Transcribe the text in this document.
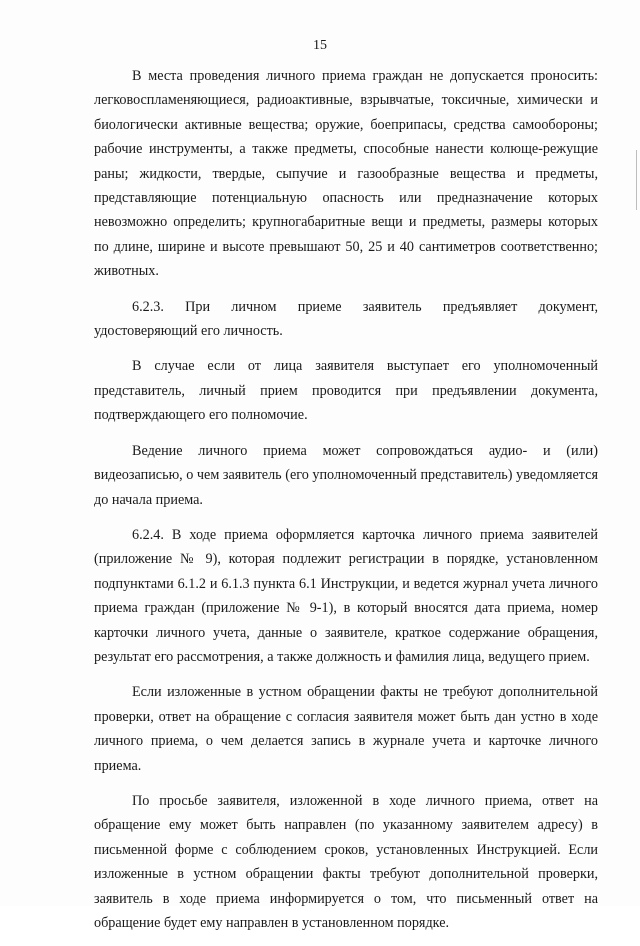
15

В места проведения личного приема граждан не допускается проносить: легковоспламеняющиеся, радиоактивные, взрывчатые, токсичные, химически и биологически активные вещества; оружие, боеприпасы, средства самообороны; рабочие инструменты, а также предметы, способные нанести колюще-режущие раны; жидкости, твердые, сыпучие и газообразные вещества и предметы, представляющие потенциальную опасность или предназначение которых невозможно определить; крупногабаритные вещи и предметы, размеры которых по длине, ширине и высоте превышают 50, 25 и 40 сантиметров соответственно; животных.

6.2.3. При личном приеме заявитель предъявляет документ, удостоверяющий его личность.

В случае если от лица заявителя выступает его уполномоченный представитель, личный прием проводится при предъявлении документа, подтверждающего его полномочие.

Ведение личного приема может сопровождаться аудио- и (или) видеозаписью, о чем заявитель (его уполномоченный представитель) уведомляется до начала приема.

6.2.4. В ходе приема оформляется карточка личного приема заявителей (приложение № 9), которая подлежит регистрации в порядке, установленном подпунктами 6.1.2 и 6.1.3 пункта 6.1 Инструкции, и ведется журнал учета личного приема граждан (приложение № 9-1), в который вносятся дата приема, номер карточки личного учета, данные о заявителе, краткое содержание обращения, результат его рассмотрения, а также должность и фамилия лица, ведущего прием.

Если изложенные в устном обращении факты не требуют дополнительной проверки, ответ на обращение с согласия заявителя может быть дан устно в ходе личного приема, о чем делается запись в журнале учета и карточке личного приема.

По просьбе заявителя, изложенной в ходе личного приема, ответ на обращение ему может быть направлен (по указанному заявителем адресу) в письменной форме с соблюдением сроков, установленных Инструкцией. Если изложенные в устном обращении факты требуют дополнительной проверки, заявитель в ходе приема информируется о том, что письменный ответ на обращение будет ему направлен в установленном порядке.
